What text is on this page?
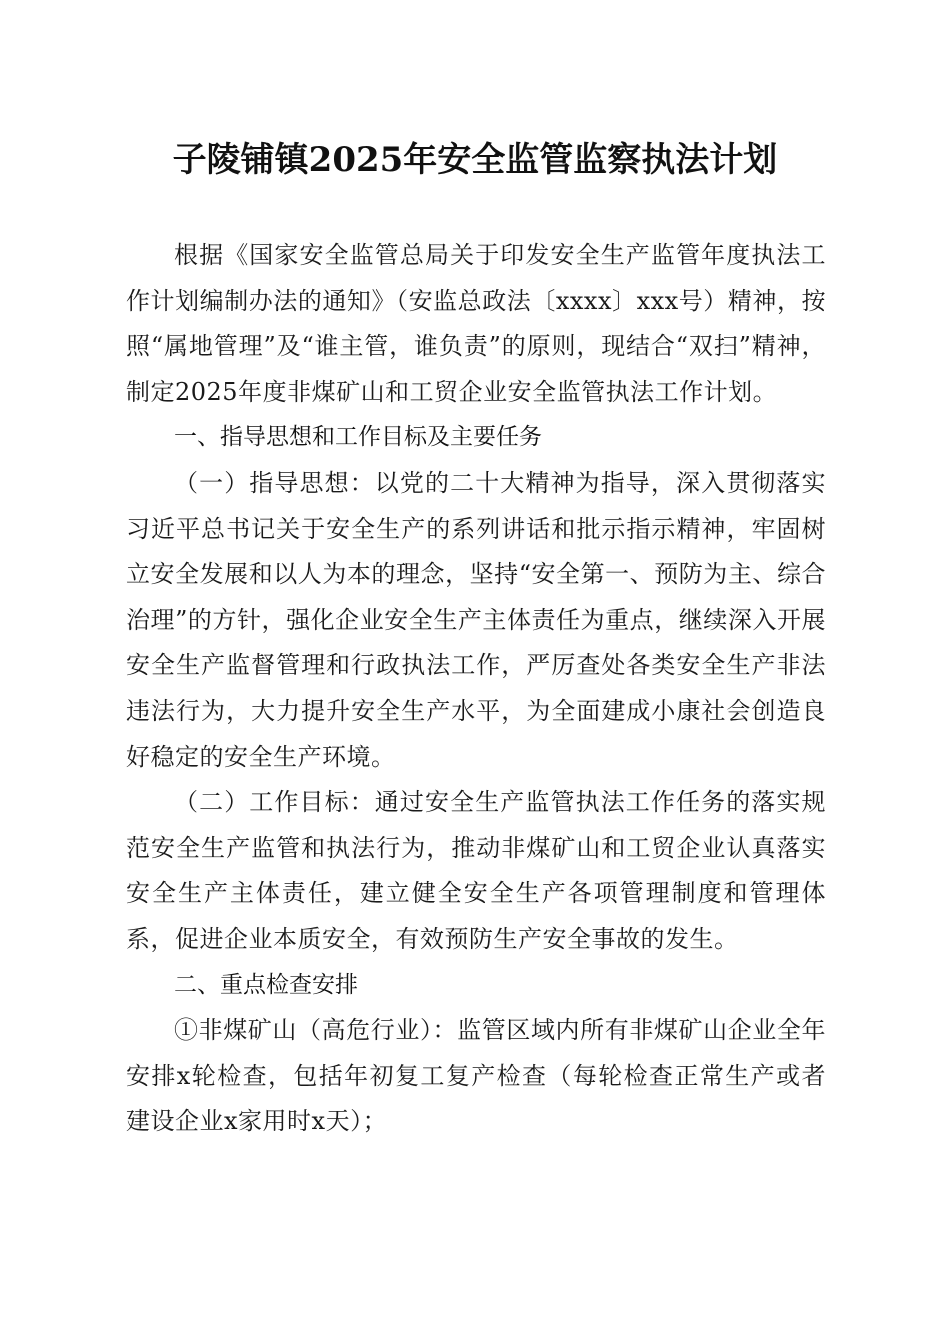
子陵铺镇2025年安全监管监察执法计划

根据《国家安全监管总局关于印发安全生产监管年度执法工作计划编制办法的通知》（安监总政法〔xxxx〕xxx号）精神，按照“属地管理”及“谁主管，谁负责”的原则，现结合“双扫”精神，制定2025年度非煤矿山和工贸企业安全监管执法工作计划。

一、指导思想和工作目标及主要任务

（一）指导思想：以党的二十大精神为指导，深入贯彻落实习近平总书记关于安全生产的系列讲话和批示指示精神，牢固树立安全发展和以人为本的理念，坚持“安全第一、预防为主、综合治理”的方针，强化企业安全生产主体责任为重点，继续深入开展安全生产监督管理和行政执法工作，严厉查处各类安全生产非法违法行为，大力提升安全生产水平，为全面建成小康社会创造良好稳定的安全生产环境。

（二）工作目标：通过安全生产监管执法工作任务的落实规范安全生产监管和执法行为，推动非煤矿山和工贸企业认真落实安全生产主体责任，建立健全安全生产各项管理制度和管理体系，促进企业本质安全，有效预防生产安全事故的发生。

二、重点检查安排

①非煤矿山（高危行业）：监管区域内所有非煤矿山企业全年安排x轮检查，包括年初复工复产检查（每轮检查正常生产或者建设企业x家用时x天）；
